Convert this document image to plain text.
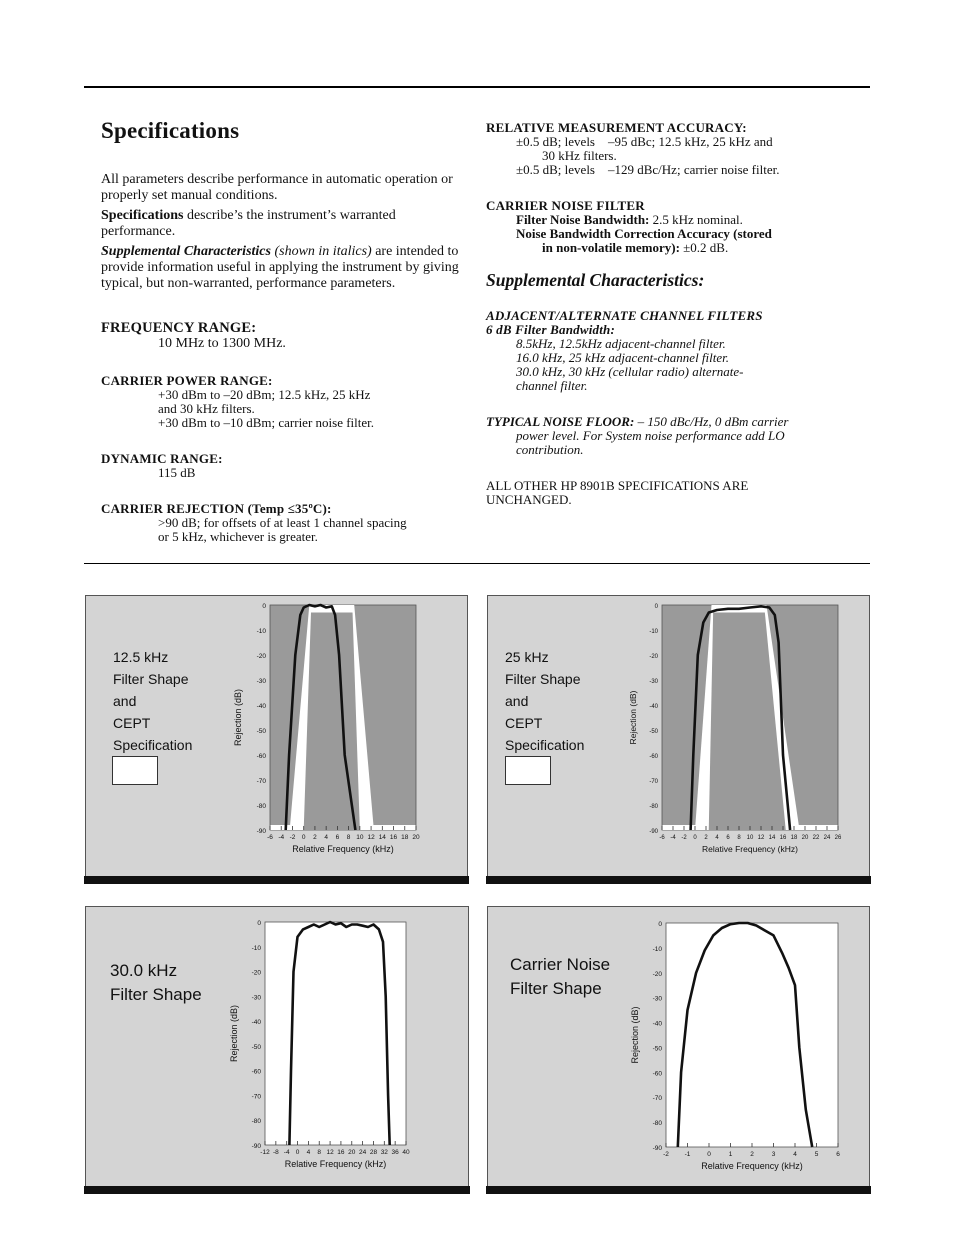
Specifications

All parameters describe performance in automatic operation or properly set manual conditions.

Specifications describe’s the instrument’s warranted performance.

Supplemental Characteristics (shown in italics) are intended to provide information useful in applying the instrument by giving typical, but non-warranted, performance parameters.

FREQUENCY RANGE:
10 MHz to 1300 MHz.
CARRIER POWER RANGE:
+30 dBm to –20 dBm; 12.5 kHz, 25 kHz
and 30 kHz filters.
+30 dBm to –10 dBm; carrier noise filter.
DYNAMIC RANGE:
115 dB
CARRIER REJECTION (Temp ≤35ºC):
>90 dB; for offsets of at least 1 channel spacing
or 5 kHz, whichever is greater.
RELATIVE MEASUREMENT ACCURACY:
±0.5 dB; levels    –95 dBc; 12.5 kHz, 25 kHz and
30 kHz filters.
±0.5 dB; levels    –129 dBc/Hz; carrier noise filter.
CARRIER NOISE FILTER
Filter Noise Bandwidth: 2.5 kHz nominal.
Noise Bandwidth Correction Accuracy (stored
in non-volatile memory): ±0.2 dB.
Supplemental Characteristics:
ADJACENT/ALTERNATE CHANNEL FILTERS
6 dB Filter Bandwidth:
8.5kHz, 12.5kHz adjacent-channel filter.
16.0 kHz, 25 kHz adjacent-channel filter.
30.0 kHz, 30 kHz (cellular radio) alternate-
channel filter.
TYPICAL NOISE FLOOR: – 150 dBc/Hz, 0 dBm carrier
power level. For System noise performance add LO
contribution.
ALL OTHER HP 8901B SPECIFICATIONS ARE
UNCHANGED.
12.5 kHz
Filter Shape
and
CEPT
Specification
0
-10
-20
-30
-40
-50
-60
-70
-80
-90
-6 -4 -2 0 2 4 6 8 10 12 14 16 18 20
Relative Frequency (kHz)
Rejection (dB)
25 kHz
Filter Shape
and
CEPT
Specification
0
-10
-20
-30
-40
-50
-60
-70
-80
-90
-6 -4 -2 0 2 4 6 8 10 12 14 16 18 20 22 24 26
Relative Frequency (kHz)
Rejection (dB)
30.0 kHz
Filter Shape
0
-10
-20
-30
-40
-50
-60
-70
-80
-90
-12 -8 -4 0 4 8 12 16 20 24 28 32 36 40
Relative Frequency (kHz)
Rejection (dB)
Carrier Noise
Filter Shape
0
-10
-20
-30
-40
-50
-60
-70
-80
-90
-2 -1	0	1	2	3	4	5	6
Relative Frequency (kHz)
Rejection (dB)
